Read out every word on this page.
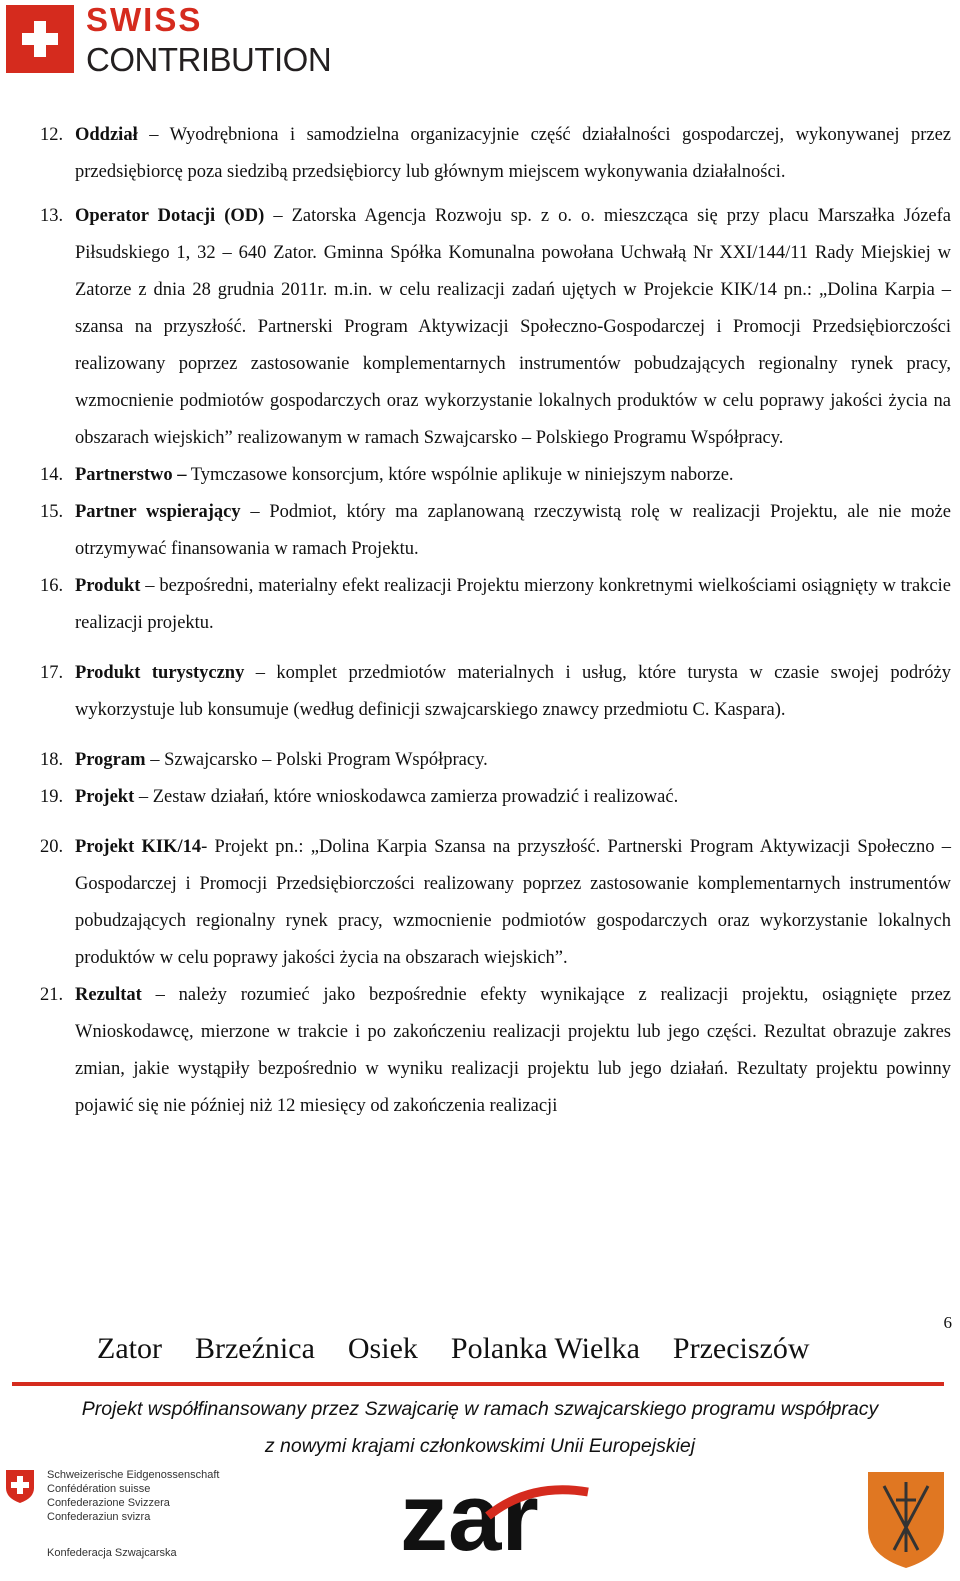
SWISS
CONTRIBUTION
12. Oddział – Wyodrębniona i samodzielna organizacyjnie część działalności gospodarczej, wykonywanej przez przedsiębiorcę poza siedzibą przedsiębiorcy lub głównym miejscem wykonywania działalności.
13. Operator Dotacji (OD) – Zatorska Agencja Rozwoju sp. z o. o. mieszcząca się przy placu Marszałka Józefa Piłsudskiego 1, 32 – 640 Zator. Gminna Spółka Komunalna powołana Uchwałą Nr XXI/144/11 Rady Miejskiej w Zatorze z dnia 28 grudnia 2011r. m.in. w celu realizacji zadań ujętych w Projekcie KIK/14 pn.: „Dolina Karpia – szansa na przyszłość. Partnerski Program Aktywizacji Społeczno-Gospodarczej i Promocji Przedsiębiorczości realizowany poprzez zastosowanie komplementarnych instrumentów pobudzających regionalny rynek pracy, wzmocnienie podmiotów gospodarczych oraz wykorzystanie lokalnych produktów w celu poprawy jakości życia na obszarach wiejskich” realizowanym w ramach Szwajcarsko – Polskiego Programu Współpracy.
14. Partnerstwo – Tymczasowe konsorcjum, które wspólnie aplikuje w niniejszym naborze.
15. Partner wspierający – Podmiot, który ma zaplanowaną rzeczywistą rolę w realizacji Projektu, ale nie może otrzymywać finansowania w ramach Projektu.
16. Produkt – bezpośredni, materialny efekt realizacji Projektu mierzony konkretnymi wielkościami osiągnięty w trakcie realizacji projektu.
17. Produkt turystyczny – komplet przedmiotów materialnych i usług, które turysta w czasie swojej podróży wykorzystuje lub konsumuje (według definicji szwajcarskiego znawcy przedmiotu C. Kaspara).
18. Program – Szwajcarsko – Polski Program Współpracy.
19. Projekt – Zestaw działań, które wnioskodawca zamierza prowadzić i realizować.
20. Projekt KIK/14- Projekt pn.: „Dolina Karpia Szansa na przyszłość. Partnerski Program Aktywizacji Społeczno – Gospodarczej i Promocji Przedsiębiorczości realizowany poprzez zastosowanie komplementarnych instrumentów pobudzających regionalny rynek pracy, wzmocnienie podmiotów gospodarczych oraz wykorzystanie lokalnych produktów w celu poprawy jakości życia na obszarach wiejskich”.
21. Rezultat – należy rozumieć jako bezpośrednie efekty wynikające z realizacji projektu, osiągnięte przez Wnioskodawcę, mierzone w trakcie i po zakończeniu realizacji projektu lub jego części. Rezultat obrazuje zakres zmian, jakie wystąpiły bezpośrednio w wyniku realizacji projektu lub jego działań. Rezultaty projektu powinny pojawić się nie później niż 12 miesięcy od zakończenia realizacji
6
Zator Brzeźnica Osiek Polanka Wielka Przeciszów
Projekt współfinansowany przez Szwajcarię w ramach szwajcarskiego programu współpracy
z nowymi krajami członkowskimi Unii Europejskiej
Schweizerische Eidgenossenschaft
Confédération suisse
Confederazione Svizzera
Confederaziun svizra
Konfederacja Szwajcarska zar
